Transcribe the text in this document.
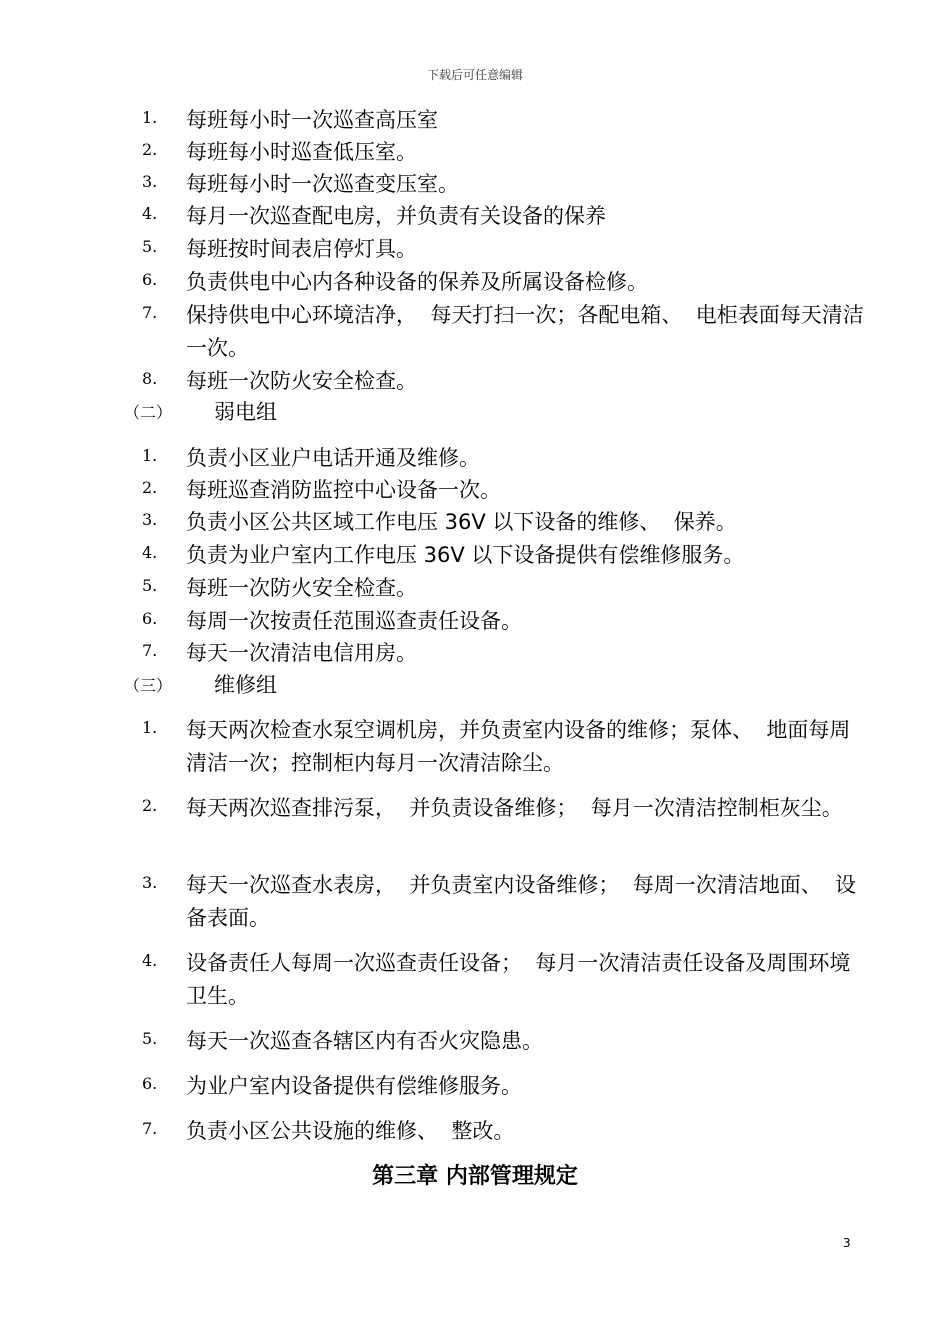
下载后可任意编辑
1. 每班每小时一次巡查高压室
2. 每班每小时巡查低压室。
3. 每班每小时一次巡查变压室。
4. 每月一次巡查配电房，并负责有关设备的保养
5. 每班按时间表启停灯具。
6. 负责供电中心内各种设备的保养及所属设备检修。
7. 保持供电中心环境洁净，  每天打扫一次；各配电箱、  电柜表面每天清洁一次。
8. 每班一次防火安全检查。
（二） 弱电组
1. 负责小区业户电话开通及维修。
2. 每班巡查消防监控中心设备一次。
3. 负责小区公共区域工作电压 36V 以下设备的维修、  保养。
4. 负责为业户室内工作电压 36V 以下设备提供有偿维修服务。
5. 每班一次防火安全检查。
6. 每周一次按责任范围巡查责任设备。
7. 每天一次清洁电信用房。
（三） 维修组
1. 每天两次检查水泵空调机房，并负责室内设备的维修；泵体、  地面每周清洁一次；控制柜内每月一次清洁除尘。
2. 每天两次巡查排污泵，  并负责设备维修；  每月一次清洁控制柜灰尘。
3. 每天一次巡查水表房，  并负责室内设备维修；  每周一次清洁地面、  设备表面。
4. 设备责任人每周一次巡查责任设备；  每月一次清洁责任设备及周围环境卫生。
5. 每天一次巡查各辖区内有否火灾隐患。
6. 为业户室内设备提供有偿维修服务。
7. 负责小区公共设施的维修、  整改。
第三章 内部管理规定
3
